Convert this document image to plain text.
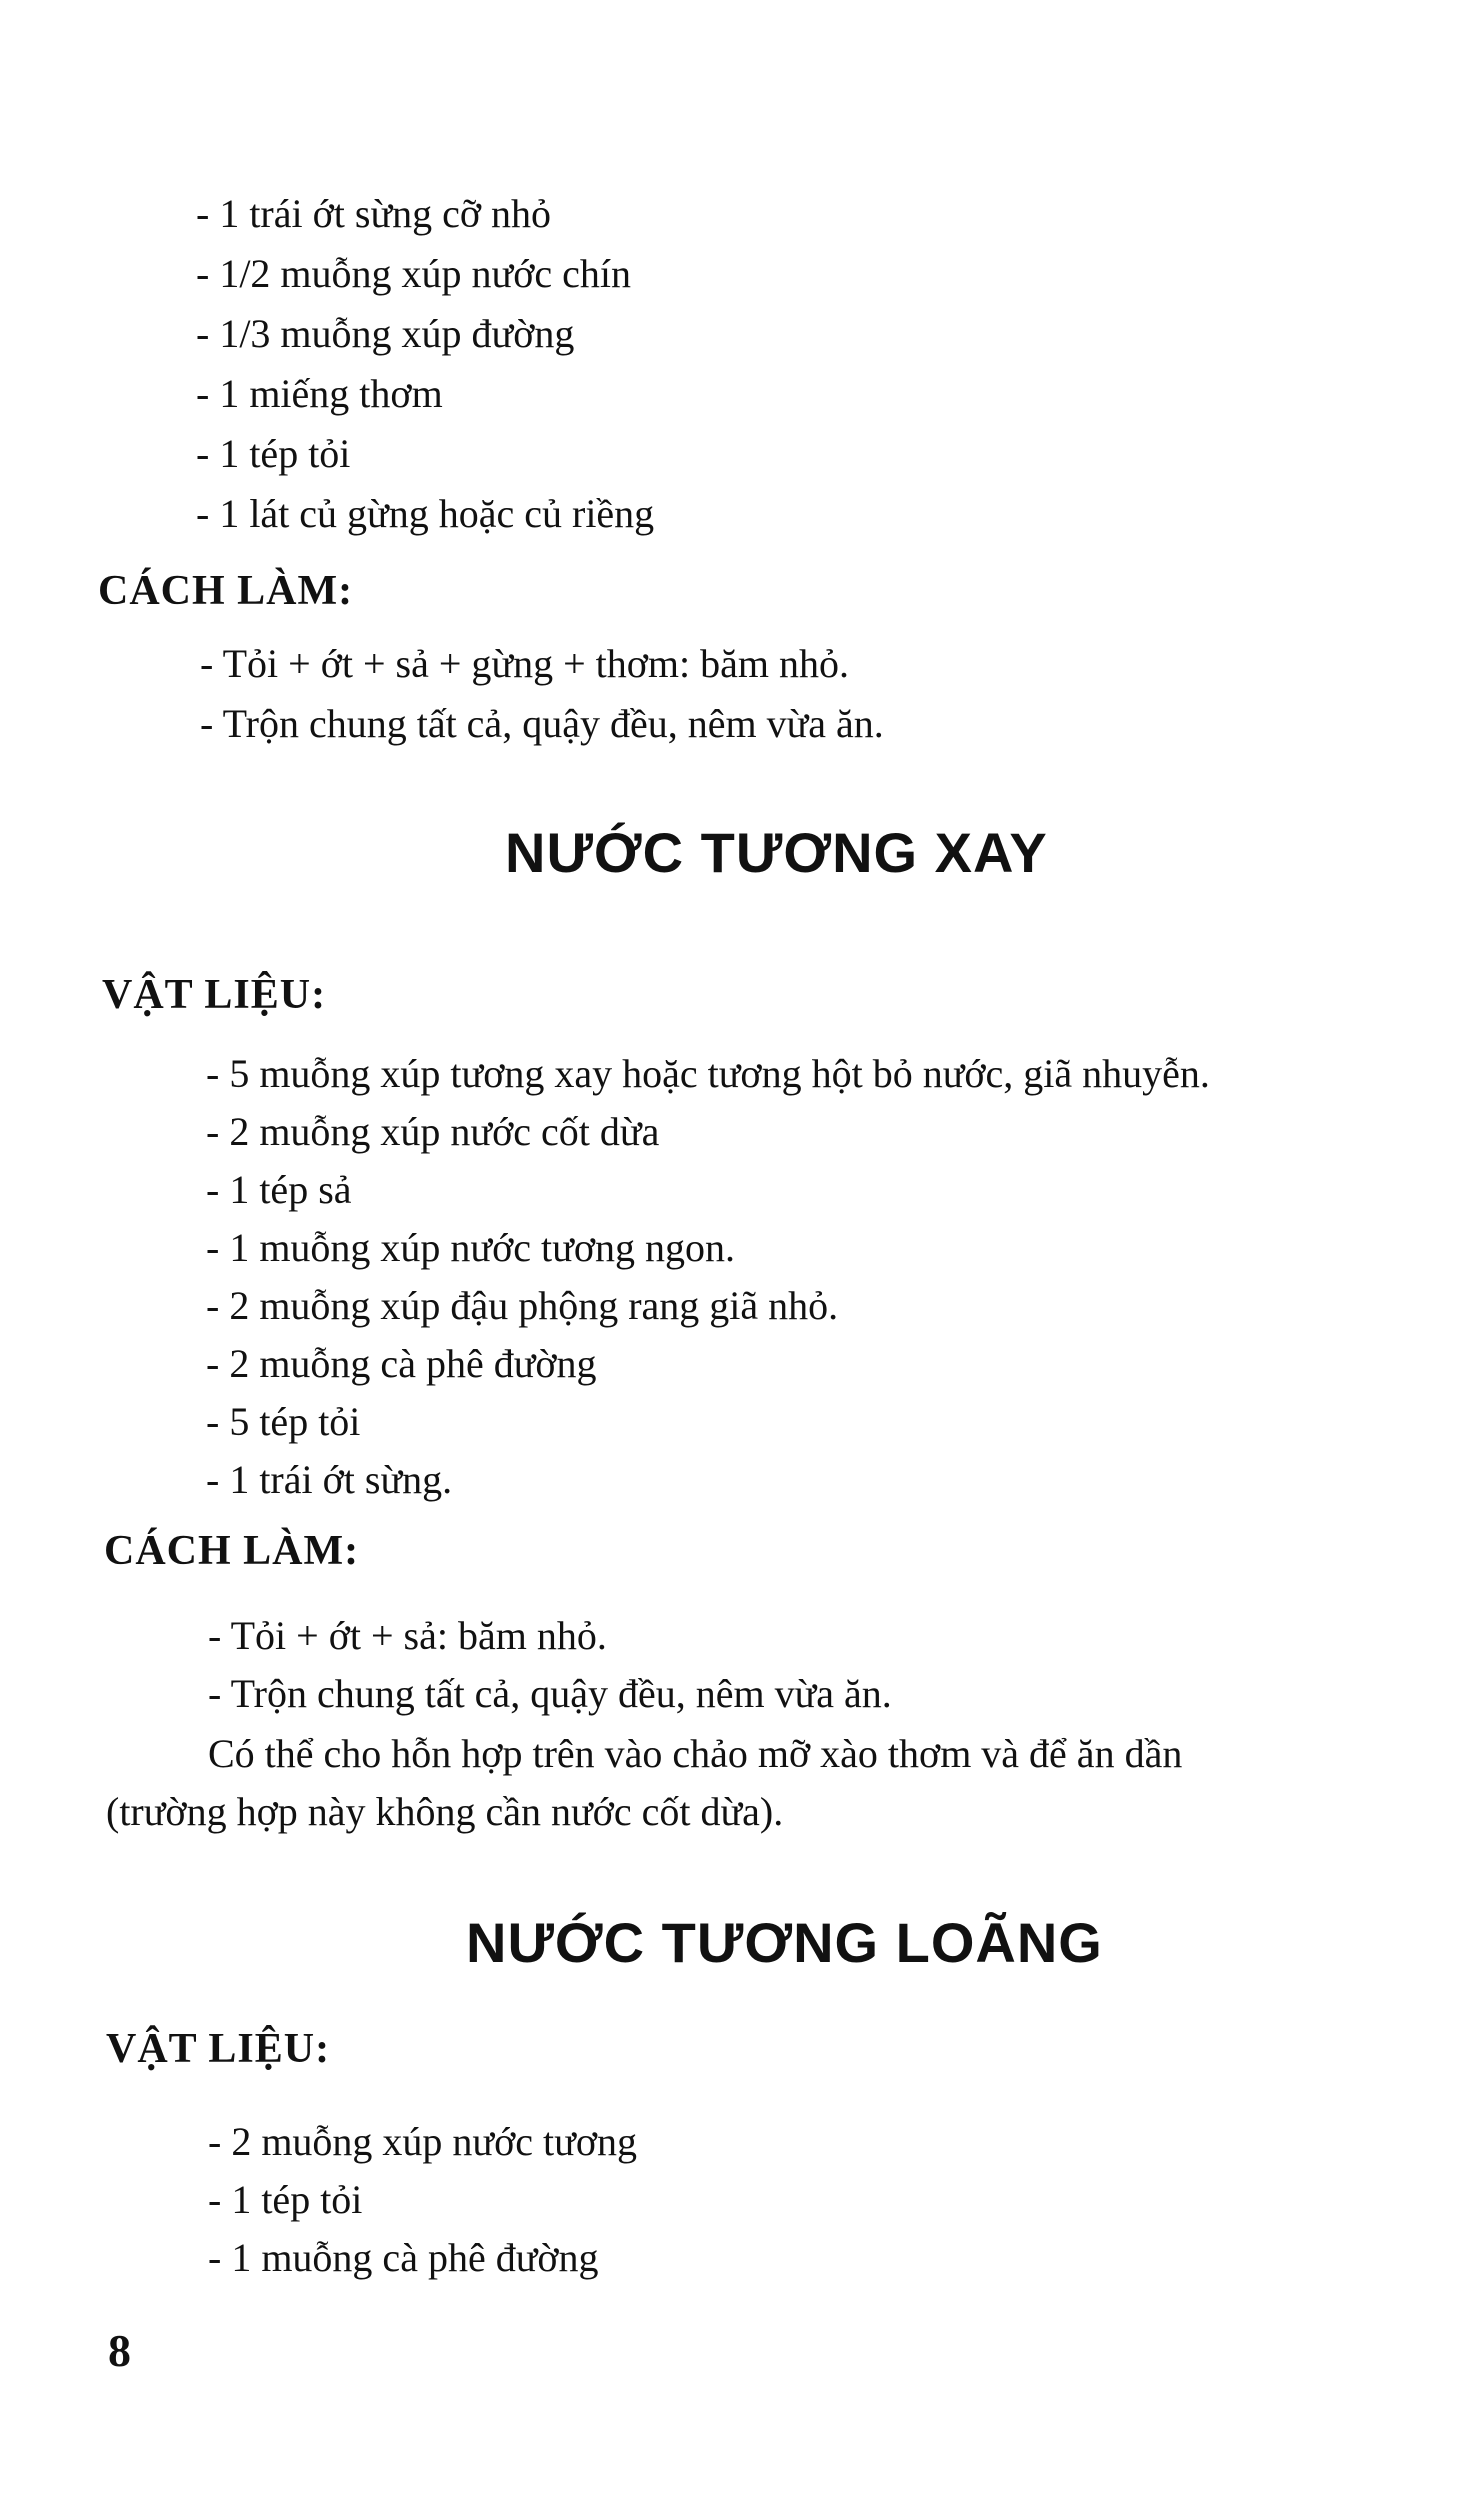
- 1 trái ớt sừng cỡ nhỏ
- 1/2 muỗng xúp nước chín
- 1/3 muỗng xúp đường
- 1 miếng thơm
- 1 tép tỏi
- 1 lát củ gừng hoặc củ riềng
CÁCH LÀM:
- Tỏi + ớt + sả + gừng + thơm: băm nhỏ.
- Trộn chung tất cả, quậy đều, nêm vừa ăn.
NƯỚC TƯƠNG XAY
VẬT LIỆU:
- 5 muỗng xúp tương xay hoặc tương hột bỏ nước, giã nhuyễn.
- 2 muỗng xúp nước cốt dừa
- 1 tép sả
- 1 muỗng xúp nước tương ngon.
- 2 muỗng xúp đậu phộng rang giã nhỏ.
- 2 muỗng cà phê đường
- 5 tép tỏi
- 1 trái ớt sừng.
CÁCH LÀM:
- Tỏi + ớt + sả: băm nhỏ.
- Trộn chung tất cả, quậy đều, nêm vừa ăn.
Có thể cho hỗn hợp trên vào chảo mỡ xào thơm và để ăn dần
(trường hợp này không cần nước cốt dừa).
NƯỚC TƯƠNG LOÃNG
VẬT LIỆU:
- 2 muỗng xúp nước tương
- 1 tép tỏi
- 1 muỗng cà phê đường
8
